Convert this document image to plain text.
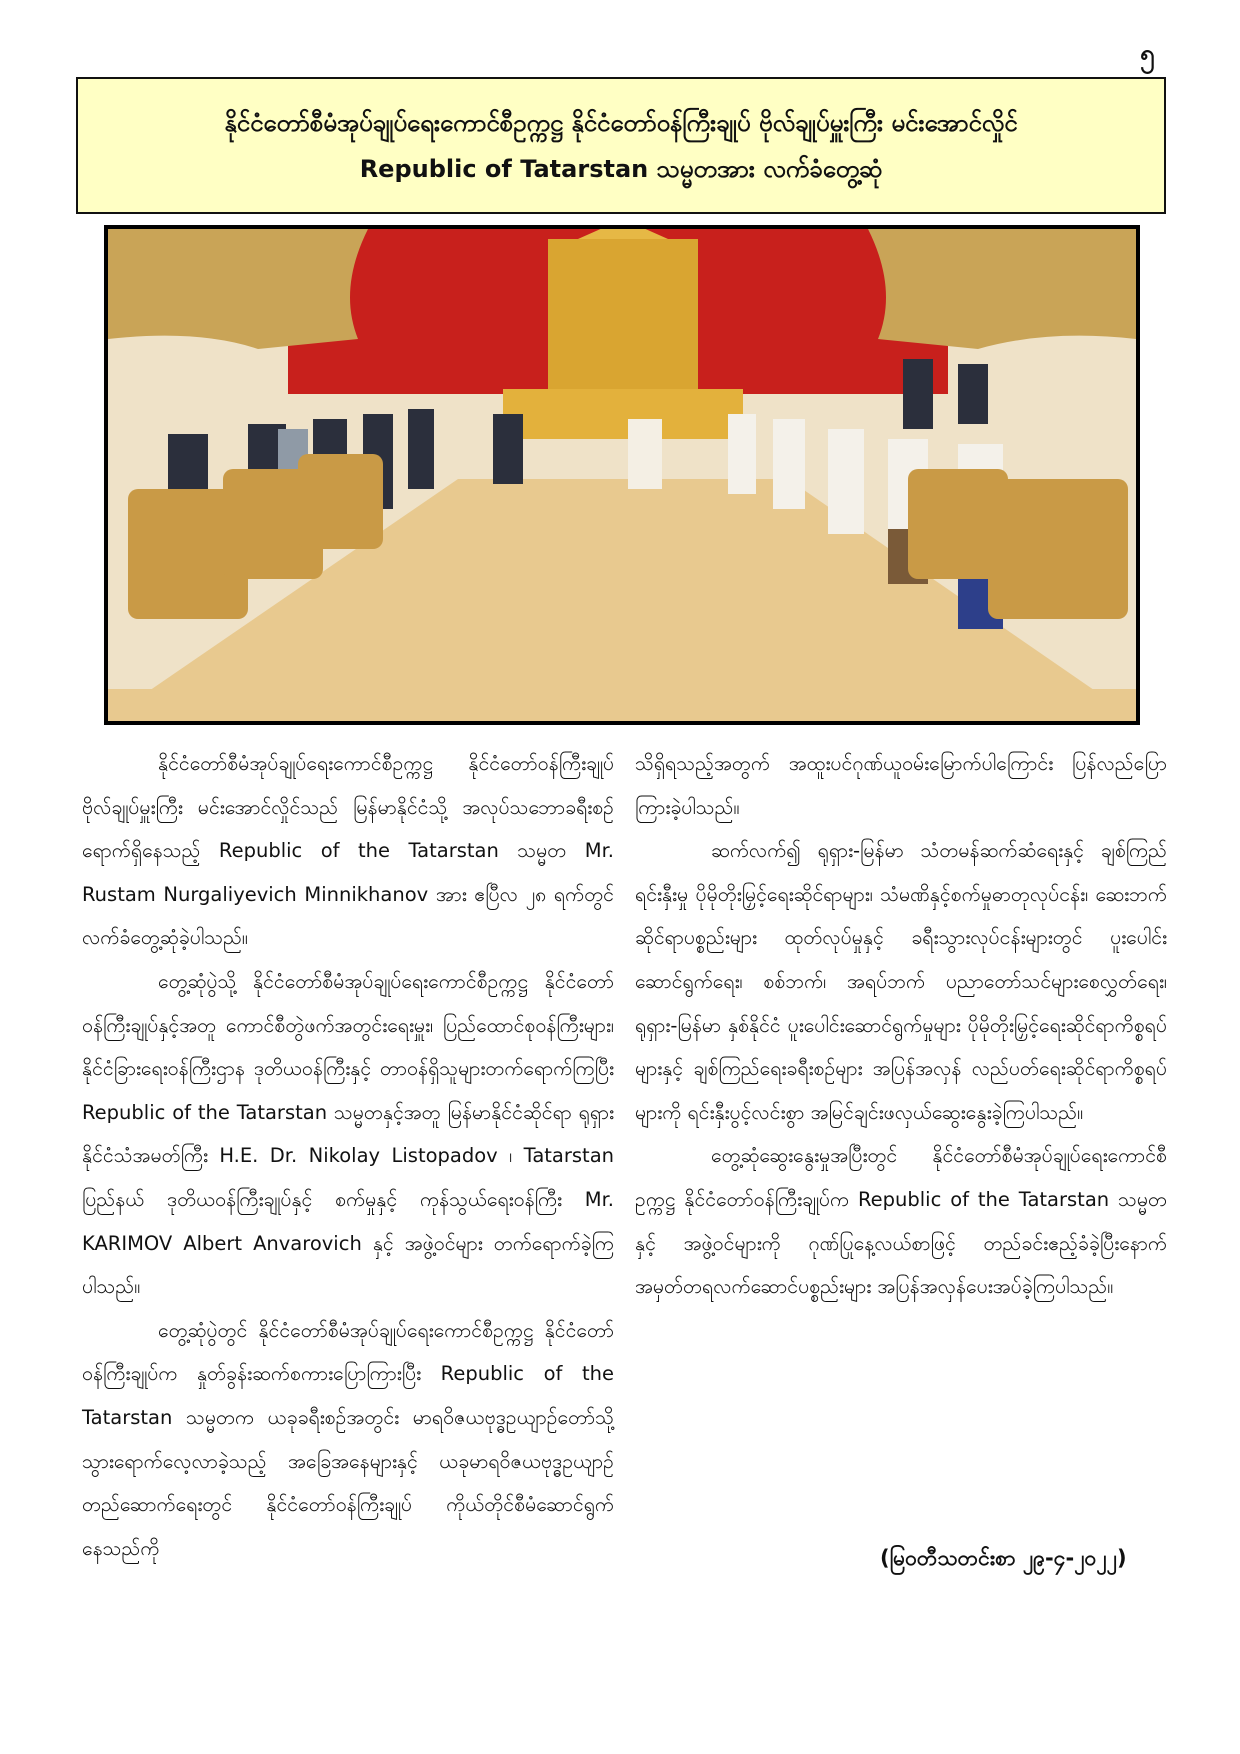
၅
နိုင်ငံတော်စီမံအုပ်ချုပ်ရေးကောင်စီဥက္ကဋ္ဌ နိုင်ငံတော်ဝန်ကြီးချုပ် ဗိုလ်ချုပ်မှူးကြီး မင်းအောင်လှိုင်
Republic of Tatarstan သမ္မတအား လက်ခံတွေ့ဆုံ

နိုင်ငံတော်စီမံအုပ်ချုပ်ရေးကောင်စီဥက္ကဋ္ဌ နိုင်ငံတော်ဝန်ကြီးချုပ် ဗိုလ်ချုပ်မှူးကြီး မင်းအောင်လှိုင်သည် မြန်မာနိုင်ငံသို့ အလုပ်သဘောခရီးစဉ်ရောက်ရှိနေသည့် Republic of the Tatarstan သမ္မတ Mr. Rustam Nurgaliyevich Minnikhanov အား ဧပြီလ ၂၈ ရက်တွင် လက်ခံတွေ့ဆုံခဲ့ပါသည်။

တွေ့ဆုံပွဲသို့ နိုင်ငံတော်စီမံအုပ်ချုပ်ရေးကောင်စီဥက္ကဋ္ဌ နိုင်ငံတော်ဝန်ကြီးချုပ်နှင့်အတူ ကောင်စီတွဲဖက်အတွင်းရေးမှူး၊ ပြည်ထောင်စုဝန်ကြီးများ၊ နိုင်ငံခြားရေးဝန်ကြီးဌာန ဒုတိယဝန်ကြီးနှင့် တာဝန်ရှိသူများတက်ရောက်ကြပြီး Republic of the Tatarstan သမ္မတနှင့်အတူ မြန်မာနိုင်ငံဆိုင်ရာ ရုရှားနိုင်ငံသံအမတ်ကြီး H.E. Dr. Nikolay Listopadov ၊ Tatarstan ပြည်နယ် ဒုတိယဝန်ကြီးချုပ်နှင့် စက်မှုနှင့် ကုန်သွယ်ရေးဝန်ကြီး Mr. KARIMOV Albert Anvarovich နှင့် အဖွဲ့ဝင်များ တက်ရောက်ခဲ့ကြပါသည်။

တွေ့ဆုံပွဲတွင် နိုင်ငံတော်စီမံအုပ်ချုပ်ရေးကောင်စီဥက္ကဋ္ဌ နိုင်ငံတော်ဝန်ကြီးချုပ်က နှုတ်ခွန်းဆက်စကားပြောကြားပြီး Republic of the Tatarstan သမ္မတက ယခုခရီးစဉ်အတွင်း မာရဝိဇယဗုဒ္ဓဥယျာဉ်တော်သို့ သွားရောက်လေ့လာခဲ့သည့် အခြေအနေများနှင့် ယခုမာရဝိဇယဗုဒ္ဓဥယျာဉ် တည်ဆောက်ရေးတွင် နိုင်ငံတော်ဝန်ကြီးချုပ် ကိုယ်တိုင်စီမံဆောင်ရွက်နေသည်ကို

သိရှိရသည့်အတွက် အထူးပင်ဂုဏ်ယူဝမ်းမြောက်ပါကြောင်း ပြန်လည်ပြောကြားခဲ့ပါသည်။

ဆက်လက်၍ ရုရှား-မြန်မာ သံတမန်ဆက်ဆံရေးနှင့် ချစ်ကြည်ရင်းနှီးမှု ပိုမိုတိုးမြှင့်ရေးဆိုင်ရာများ၊ သံမဏိနှင့်စက်မှုဓာတုလုပ်ငန်း၊ ဆေးဘက်ဆိုင်ရာပစ္စည်းများ ထုတ်လုပ်မှုနှင့် ခရီးသွားလုပ်ငန်းများတွင် ပူးပေါင်းဆောင်ရွက်ရေး၊ စစ်ဘက်၊ အရပ်ဘက် ပညာတော်သင်များစေလွှတ်ရေး၊ ရုရှား-မြန်မာ နှစ်နိုင်ငံ ပူးပေါင်းဆောင်ရွက်မှုများ ပိုမိုတိုးမြှင့်ရေးဆိုင်ရာကိစ္စရပ်များနှင့် ချစ်ကြည်ရေးခရီးစဉ်များ အပြန်အလှန် လည်ပတ်ရေးဆိုင်ရာကိစ္စရပ်များကို ရင်းနှီးပွင့်လင်းစွာ အမြင်ချင်းဖလှယ်ဆွေးနွေးခဲ့ကြပါသည်။

တွေ့ဆုံဆွေးနွေးမှုအပြီးတွင် နိုင်ငံတော်စီမံအုပ်ချုပ်ရေးကောင်စီဥက္ကဋ္ဌ နိုင်ငံတော်ဝန်ကြီးချုပ်က Republic of the Tatarstan သမ္မတနှင့် အဖွဲ့ဝင်များကို ဂုဏ်ပြုနေ့လယ်စာဖြင့် တည်ခင်းဧည့်ခံခဲ့ပြီးနောက် အမှတ်တရလက်ဆောင်ပစ္စည်းများ အပြန်အလှန်ပေးအပ်ခဲ့ကြပါသည်။

(မြဝတီသတင်းစာ ၂၉-၄-၂၀၂၂)
